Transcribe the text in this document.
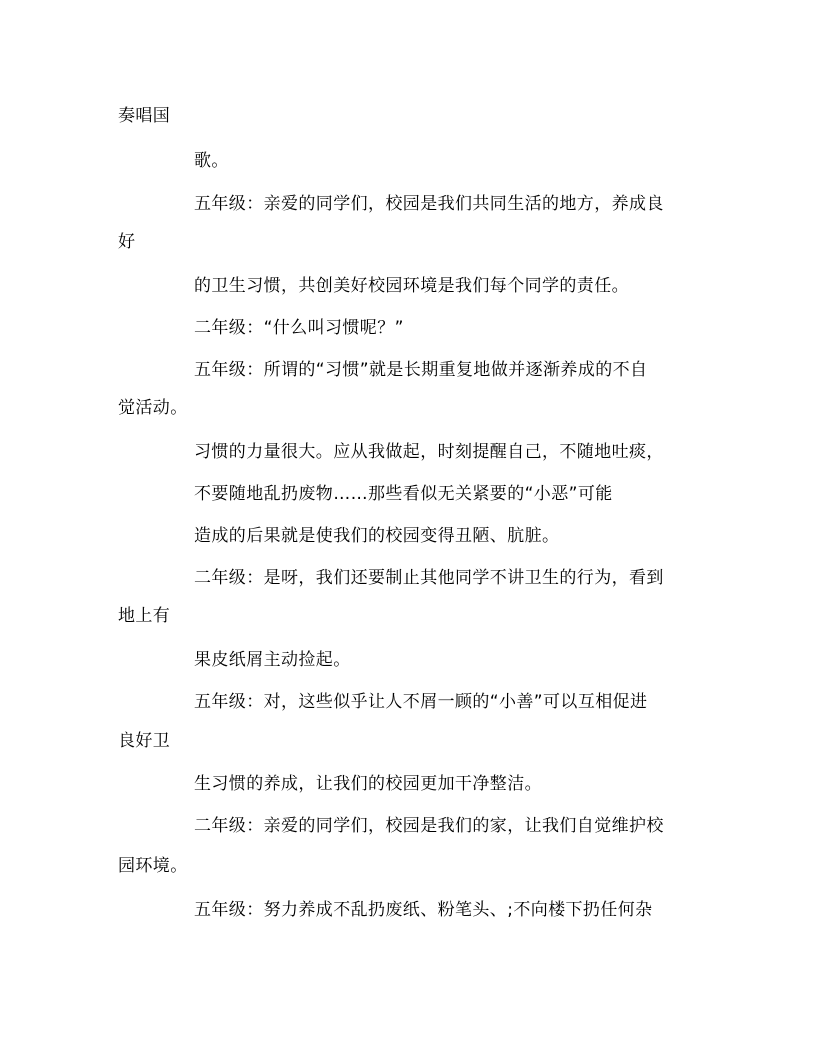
奏唱国
歌。
五年级：亲爱的同学们，校园是我们共同生活的地方，养成良
好
的卫生习惯，共创美好校园环境是我们每个同学的责任。
二年级：“什么叫习惯呢？”
五年级：所谓的“习惯”就是长期重复地做并逐渐养成的不自
觉活动。
习惯的力量很大。应从我做起，时刻提醒自己，不随地吐痰，
不要随地乱扔废物……那些看似无关紧要的“小恶”可能
造成的后果就是使我们的校园变得丑陋、肮脏。
二年级：是呀，我们还要制止其他同学不讲卫生的行为，看到
地上有
果皮纸屑主动捡起。
五年级：对，这些似乎让人不屑一顾的“小善”可以互相促进
良好卫
生习惯的养成，让我们的校园更加干净整洁。
二年级：亲爱的同学们，校园是我们的家，让我们自觉维护校
园环境。
五年级：努力养成不乱扔废纸、粉笔头、;不向楼下扔任何杂
